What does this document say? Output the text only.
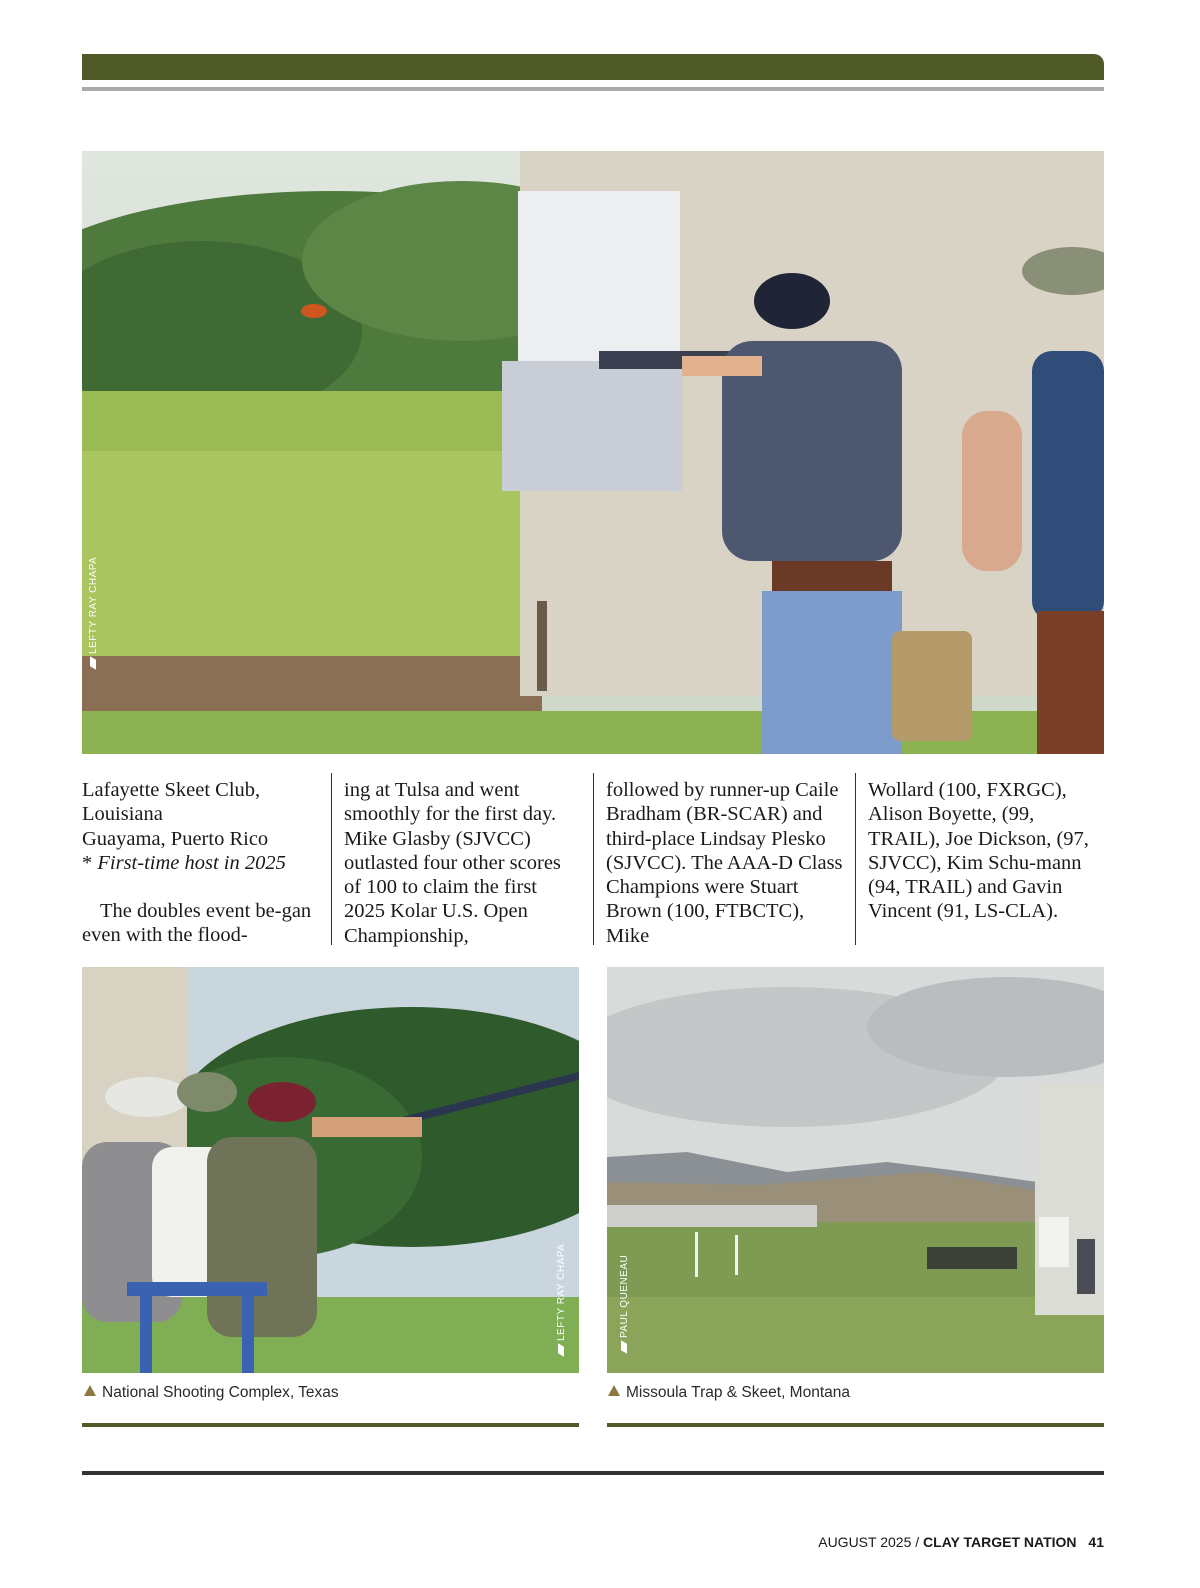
LEFTY RAY CHAPA

Lafayette Skeet Club,

Louisiana

Guayama, Puerto Rico

* First-time host in 2025

The doubles event be-gan even with the flood-

ing at Tulsa and went smoothly for the first day. Mike Glasby (SJVCC) outlasted four other scores of 100 to claim the first 2025 Kolar U.S. Open Championship,

followed by runner-up Caile Bradham (BR-SCAR) and third-place Lindsay Plesko (SJVCC). The AAA-D Class Champions were Stuart Brown (100, FTBCTC), Mike

Wollard (100, FXRGC), Alison Boyette, (99, TRAIL), Joe Dickson, (97, SJVCC), Kim Schu-mann (94, TRAIL) and Gavin Vincent (91, LS-CLA).

LEFTY RAY CHAPA	PAUL QUENEAU
National Shooting Complex, Texas	Missoula Trap & Skeet, Montana
AUGUST 2025 / CLAY TARGET NATION 41
